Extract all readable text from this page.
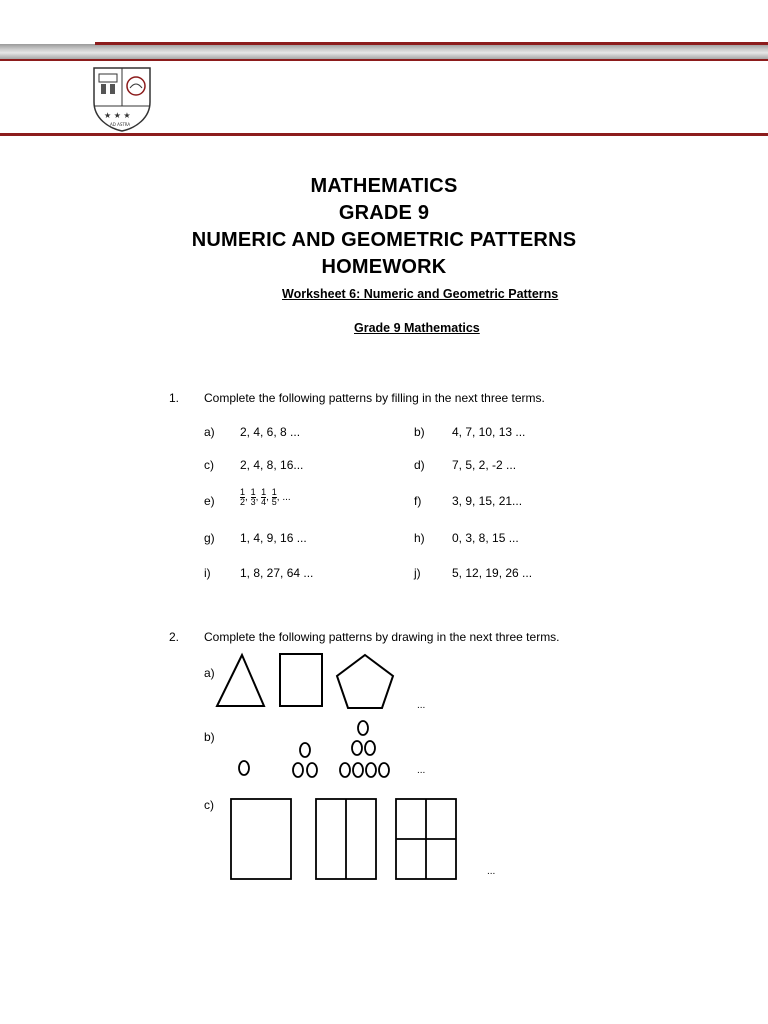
★ ★ ★
AD ASTRA
MATHEMATICS
GRADE 9
NUMERIC AND GEOMETRIC PATTERNS
HOMEWORK
Worksheet 6: Numeric and Geometric Patterns
Grade 9 Mathematics
1. Complete the following patterns by filling in the next three terms.
a) 2, 4, 6, 8 ...	b) 4, 7, 10, 13 ...
c) 2, 4, 8, 16...	d) 7, 5, 2, -2 ...
e)	$\frac{1}{2}$ , $\frac{1}{3}$ , $\frac{1}{4}$ , $\frac{1}{5}$ , ...	f)	3, 9, 15, 21...
g) 1, 4, 9, 16 ...	h) 0, 3, 8, 15 ...
i) 1, 8, 27, 64 ...	j)	5, 12, 19, 26 ...
2. Complete the following patterns by drawing in the next three terms.
a)
b)
c)
...
...
...
